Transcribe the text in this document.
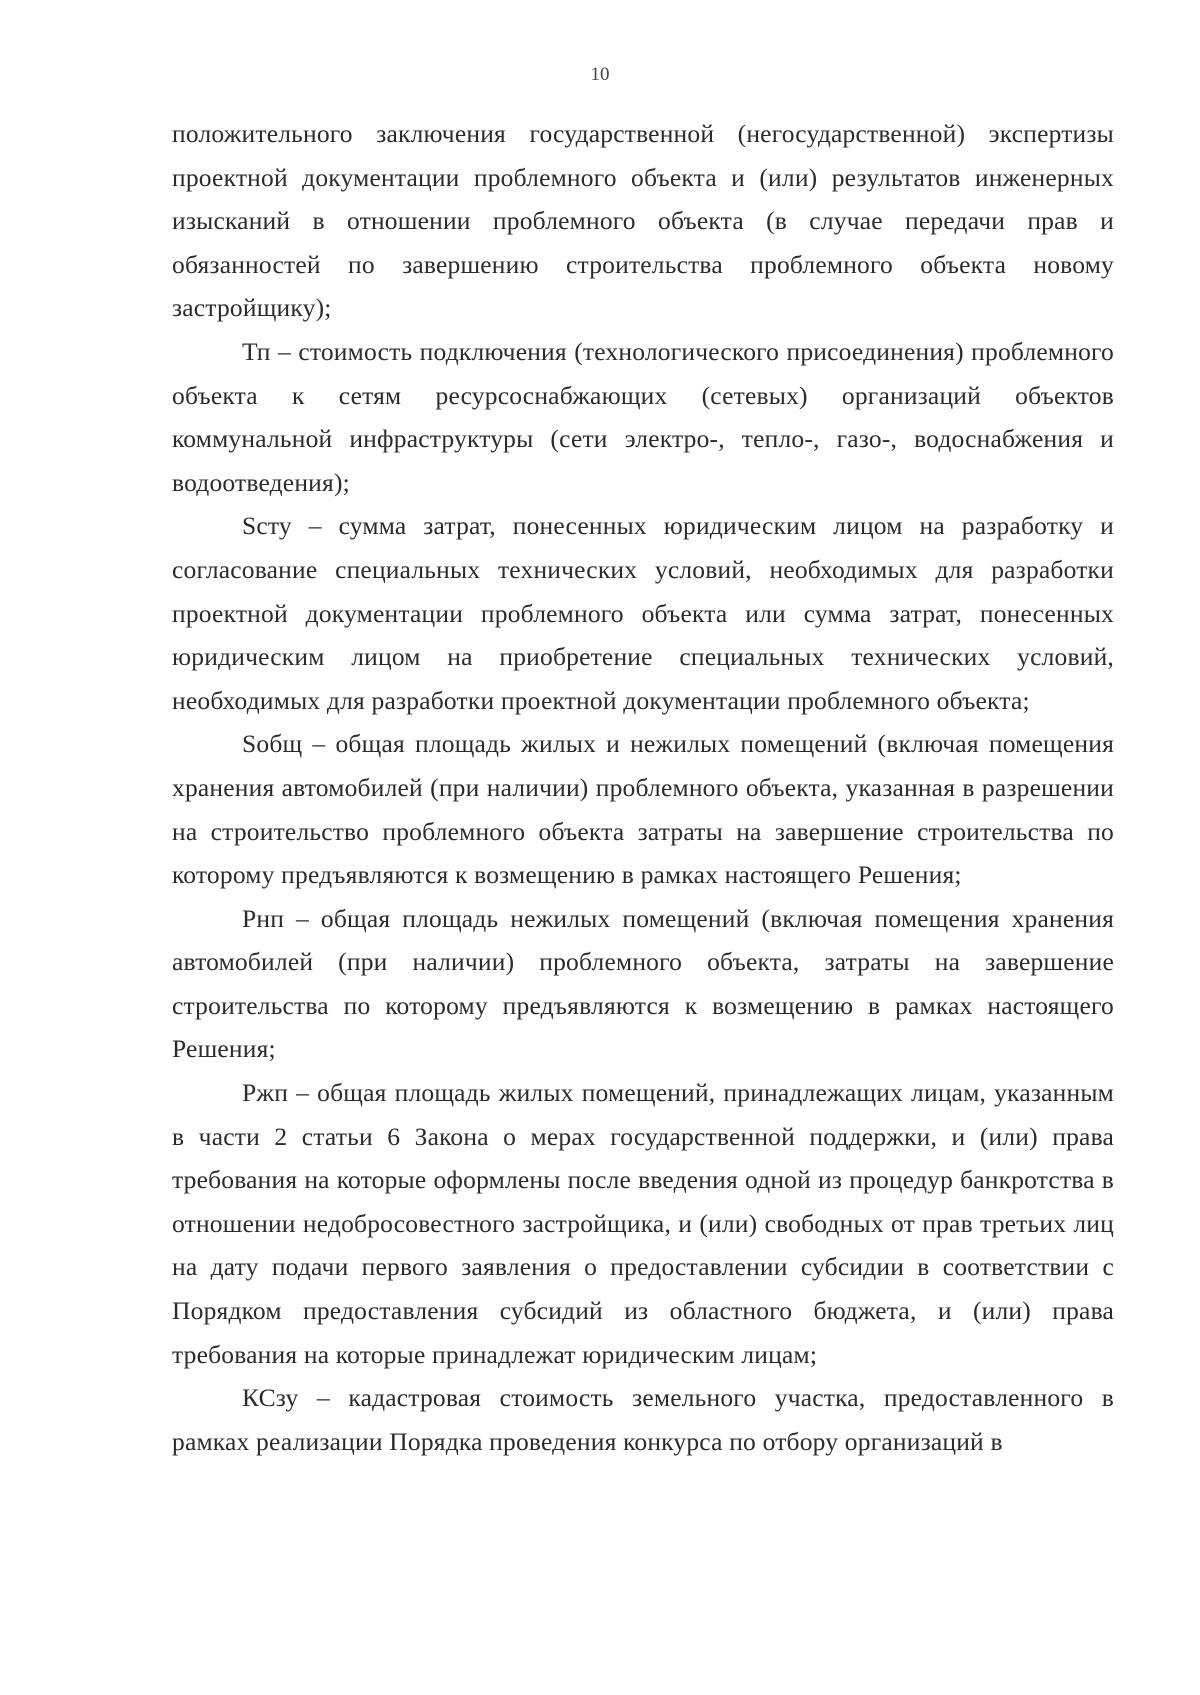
10

положительного заключения государственной (негосударственной) экспертизы проектной документации проблемного объекта и (или) результатов инженерных изысканий в отношении проблемного объекта (в случае передачи прав и обязанностей по завершению строительства проблемного объекта новому застройщику);

Тп – стоимость подключения (технологического присоединения) проблемного объекта к сетям ресурсоснабжающих (сетевых) организаций объектов коммунальной инфраструктуры (сети электро-, тепло-, газо-, водоснабжения и водоотведения);

Sсту – сумма затрат, понесенных юридическим лицом на разработку и согласование специальных технических условий, необходимых для разработки проектной документации проблемного объекта или сумма затрат, понесенных юридическим лицом на приобретение специальных технических условий, необходимых для разработки проектной документации проблемного объекта;

Sобщ – общая площадь жилых и нежилых помещений (включая помещения хранения автомобилей (при наличии) проблемного объекта, указанная в разрешении на строительство проблемного объекта затраты на завершение строительства по которому предъявляются к возмещению в рамках настоящего Решения;

Рнп – общая площадь нежилых помещений (включая помещения хранения автомобилей (при наличии) проблемного объекта, затраты на завершение строительства по которому предъявляются к возмещению в рамках настоящего Решения;

Ржп – общая площадь жилых помещений, принадлежащих лицам, указанным в части 2 статьи 6 Закона о мерах государственной поддержки, и (или) права требования на которые оформлены после введения одной из процедур банкротства в отношении недобросовестного застройщика, и (или) свободных от прав третьих лиц на дату подачи первого заявления о предоставлении субсидии в соответствии с Порядком предоставления субсидий из областного бюджета, и (или) права требования на которые принадлежат юридическим лицам;

КСзу – кадастровая стоимость земельного участка, предоставленного в рамках реализации Порядка проведения конкурса по отбору организаций в
